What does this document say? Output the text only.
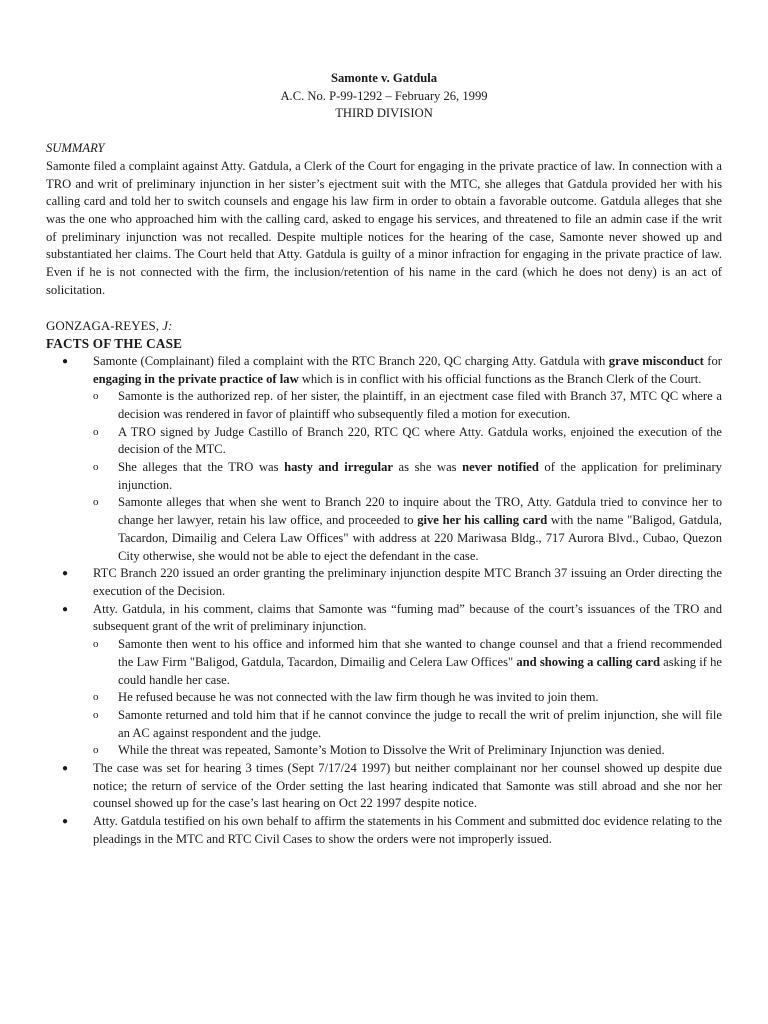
Samonte v. Gatdula
A.C. No. P-99-1292 – February 26, 1999
THIRD DIVISION
SUMMARY
Samonte filed a complaint against Atty. Gatdula, a Clerk of the Court for engaging in the private practice of law. In connection with a TRO and writ of preliminary injunction in her sister’s ejectment suit with the MTC, she alleges that Gatdula provided her with his calling card and told her to switch counsels and engage his law firm in order to obtain a favorable outcome. Gatdula alleges that she was the one who approached him with the calling card, asked to engage his services, and threatened to file an admin case if the writ of preliminary injunction was not recalled. Despite multiple notices for the hearing of the case, Samonte never showed up and substantiated her claims. The Court held that Atty. Gatdula is guilty of a minor infraction for engaging in the private practice of law. Even if he is not connected with the firm, the inclusion/retention of his name in the card (which he does not deny) is an act of solicitation.
GONZAGA-REYES, J:
FACTS OF THE CASE
● Samonte (Complainant) filed a complaint with the RTC Branch 220, QC charging Atty. Gatdula with grave misconduct for engaging in the private practice of law which is in conflict with his official functions as the Branch Clerk of the Court.
o Samonte is the authorized rep. of her sister, the plaintiff, in an ejectment case filed with Branch 37, MTC QC where a decision was rendered in favor of plaintiff who subsequently filed a motion for execution.
o A TRO signed by Judge Castillo of Branch 220, RTC QC where Atty. Gatdula works, enjoined the execution of the decision of the MTC.
o She alleges that the TRO was hasty and irregular as she was never notified of the application for preliminary injunction.
o Samonte alleges that when she went to Branch 220 to inquire about the TRO, Atty. Gatdula tried to convince her to change her lawyer, retain his law office, and proceeded to give her his calling card with the name "Baligod, Gatdula, Tacardon, Dimailig and Celera Law Offices" with address at 220 Mariwasa Bldg., 717 Aurora Blvd., Cubao, Quezon City otherwise, she would not be able to eject the defendant in the case.
● RTC Branch 220 issued an order granting the preliminary injunction despite MTC Branch 37 issuing an Order directing the execution of the Decision.
● Atty. Gatdula, in his comment, claims that Samonte was “fuming mad” because of the court’s issuances of the TRO and subsequent grant of the writ of preliminary injunction.
o Samonte then went to his office and informed him that she wanted to change counsel and that a friend recommended the Law Firm "Baligod, Gatdula, Tacardon, Dimailig and Celera Law Offices" and showing a calling card asking if he could handle her case.
o He refused because he was not connected with the law firm though he was invited to join them.
o Samonte returned and told him that if he cannot convince the judge to recall the writ of prelim injunction, she will file an AC against respondent and the judge.
o While the threat was repeated, Samonte’s Motion to Dissolve the Writ of Preliminary Injunction was denied.
● The case was set for hearing 3 times (Sept 7/17/24 1997) but neither complainant nor her counsel showed up despite due notice; the return of service of the Order setting the last hearing indicated that Samonte was still abroad and she nor her counsel showed up for the case’s last hearing on Oct 22 1997 despite notice.
● Atty. Gatdula testified on his own behalf to affirm the statements in his Comment and submitted doc evidence relating to the pleadings in the MTC and RTC Civil Cases to show the orders were not improperly issued.
